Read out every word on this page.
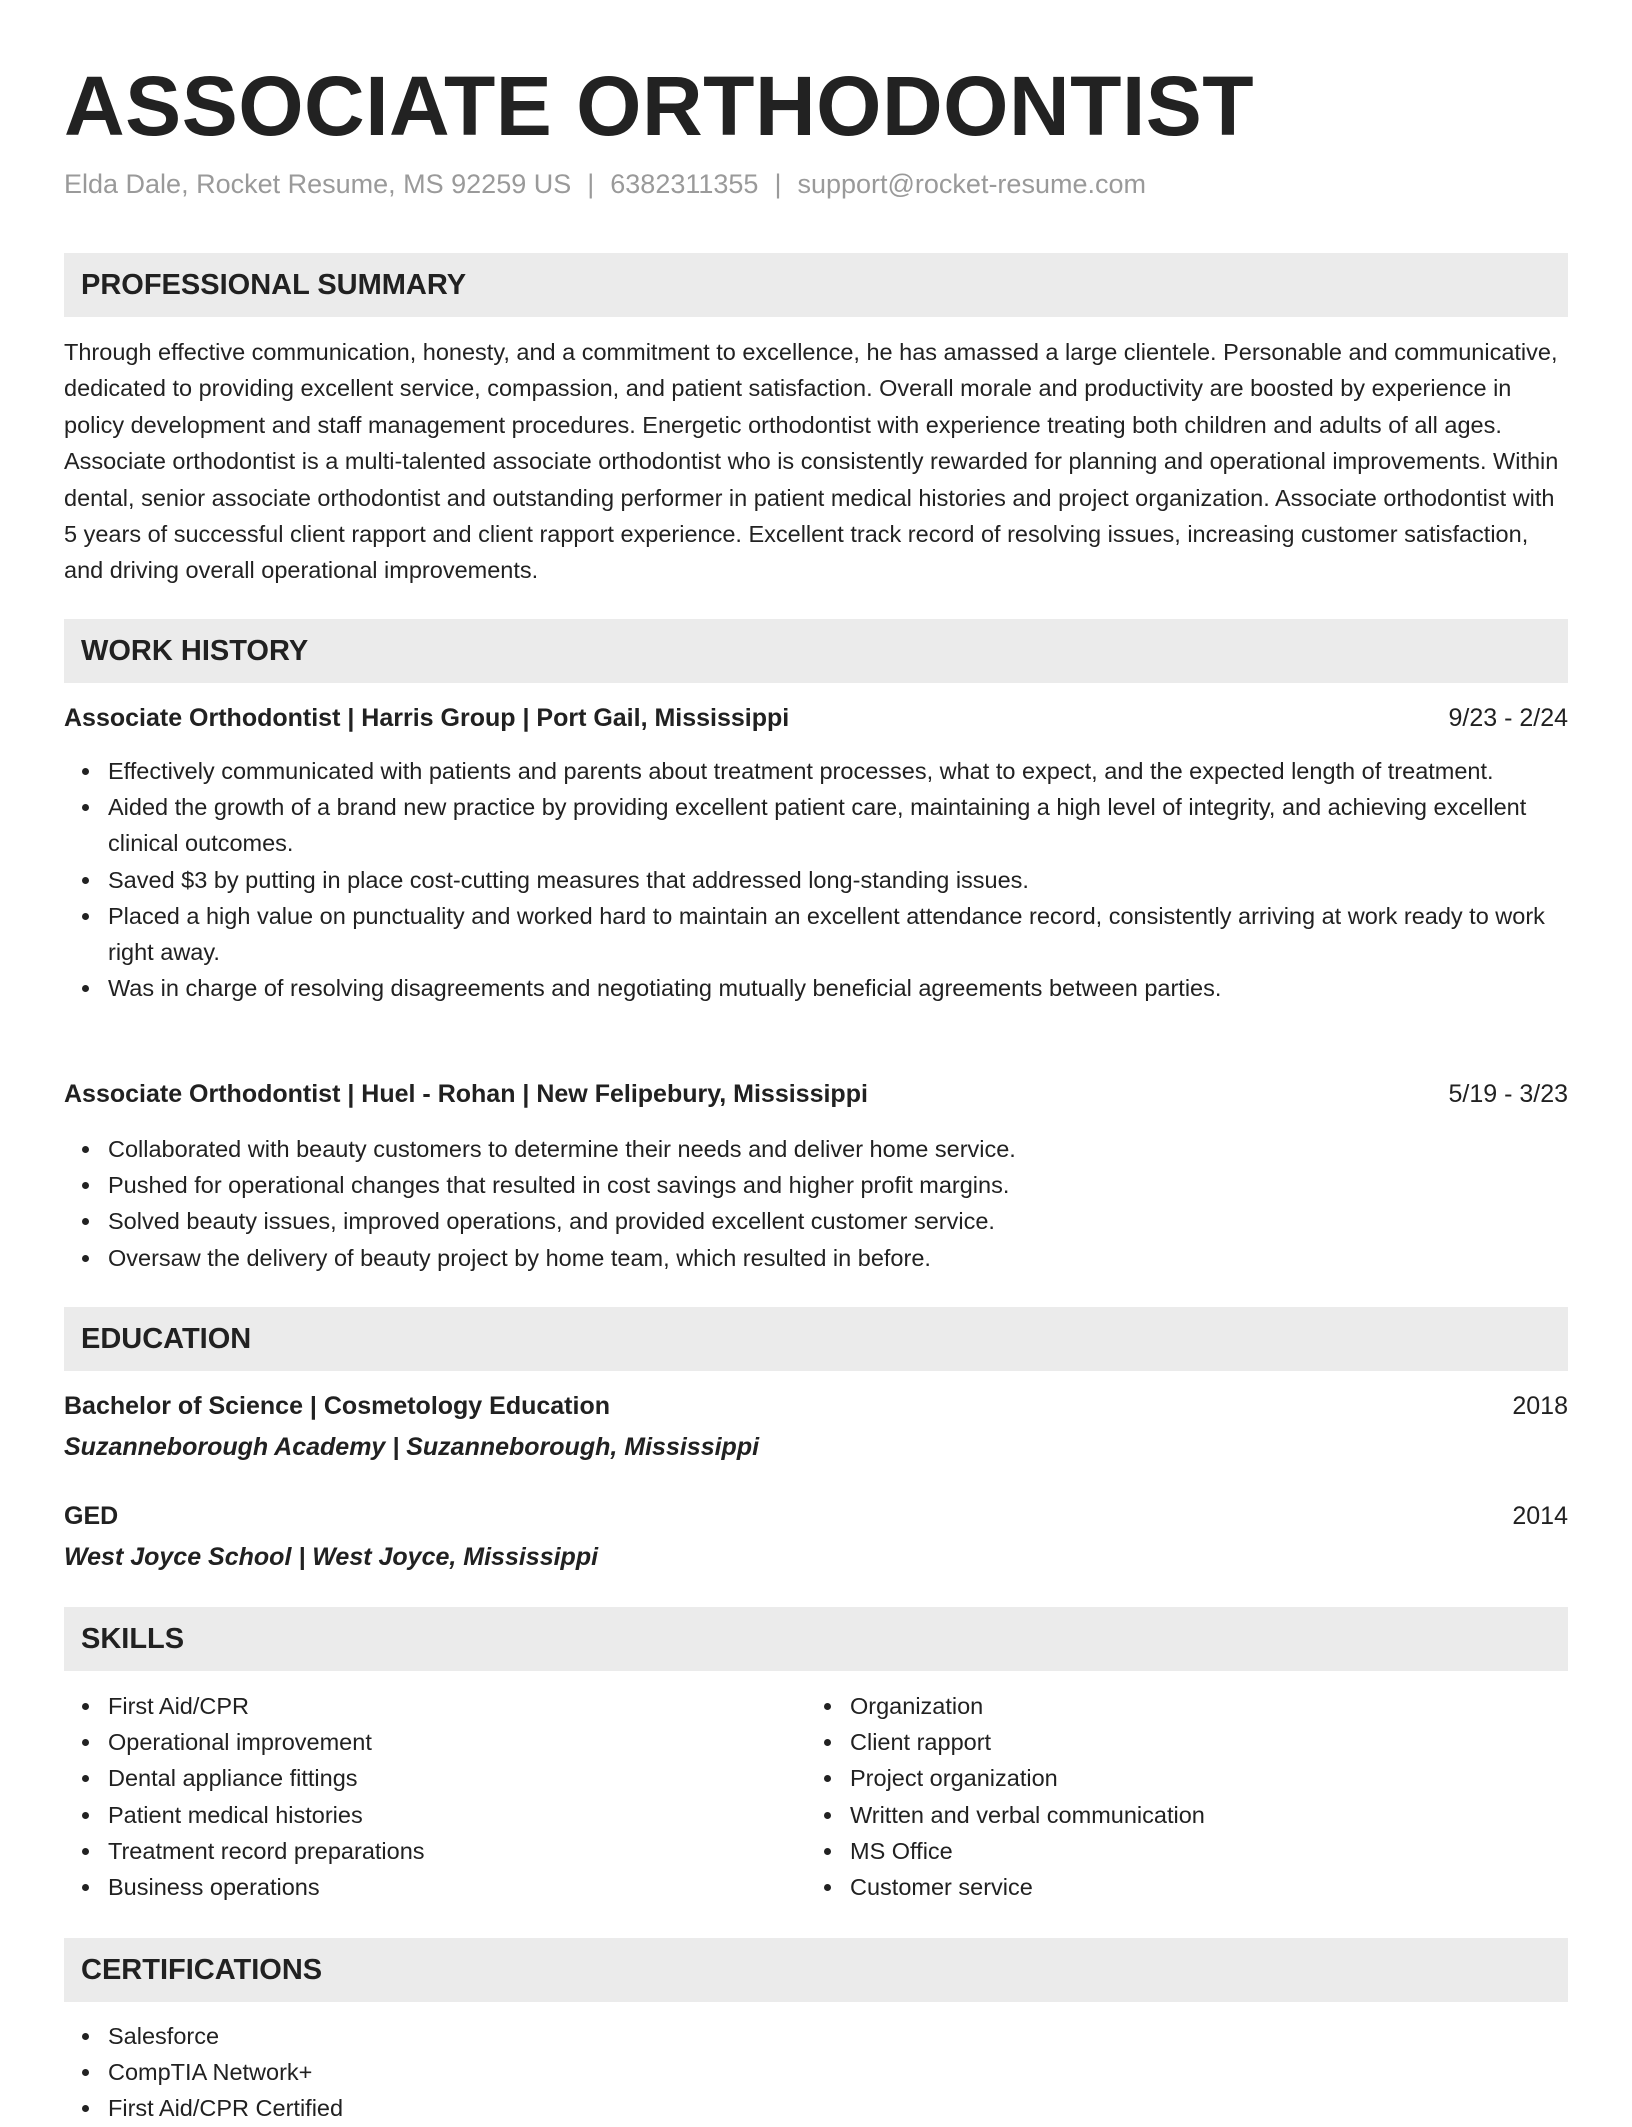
ASSOCIATE ORTHODONTIST
Elda Dale, Rocket Resume, MS 92259 US | 6382311355 | support@rocket-resume.com
PROFESSIONAL SUMMARY

Through effective communication, honesty, and a commitment to excellence, he has amassed a large clientele. Personable and communicative, dedicated to providing excellent service, compassion, and patient satisfaction. Overall morale and productivity are boosted by experience in policy development and staff management procedures. Energetic orthodontist with experience treating both children and adults of all ages. Associate orthodontist is a multi-talented associate orthodontist who is consistently rewarded for planning and operational improvements. Within dental, senior associate orthodontist and outstanding performer in patient medical histories and project organization. Associate orthodontist with 5 years of successful client rapport and client rapport experience. Excellent track record of resolving issues, increasing customer satisfaction, and driving overall operational improvements.

WORK HISTORY
Associate Orthodontist | Harris Group | Port Gail, Mississippi	9/23 - 2/24
Effectively communicated with patients and parents about treatment processes, what to expect, and the expected length of treatment.
Aided the growth of a brand new practice by providing excellent patient care, maintaining a high level of integrity, and achieving excellent clinical outcomes.
Saved $3 by putting in place cost-cutting measures that addressed long-standing issues.
Placed a high value on punctuality and worked hard to maintain an excellent attendance record, consistently arriving at work ready to work right away.
Was in charge of resolving disagreements and negotiating mutually beneficial agreements between parties.
Associate Orthodontist | Huel - Rohan | New Felipebury, Mississippi	5/19 - 3/23
Collaborated with beauty customers to determine their needs and deliver home service.
Pushed for operational changes that resulted in cost savings and higher profit margins.
Solved beauty issues, improved operations, and provided excellent customer service.
Oversaw the delivery of beauty project by home team, which resulted in before.
EDUCATION
Bachelor of Science | Cosmetology Education	2018
Suzanneborough Academy | Suzanneborough, Mississippi
GED	2014
West Joyce School | West Joyce, Mississippi
SKILLS
First Aid/CPR
Operational improvement
Dental appliance fittings
Patient medical histories
Treatment record preparations
Business operations
Organization
Client rapport
Project organization
Written and verbal communication
MS Office
Customer service
CERTIFICATIONS
Salesforce
CompTIA Network+
First Aid/CPR Certified
